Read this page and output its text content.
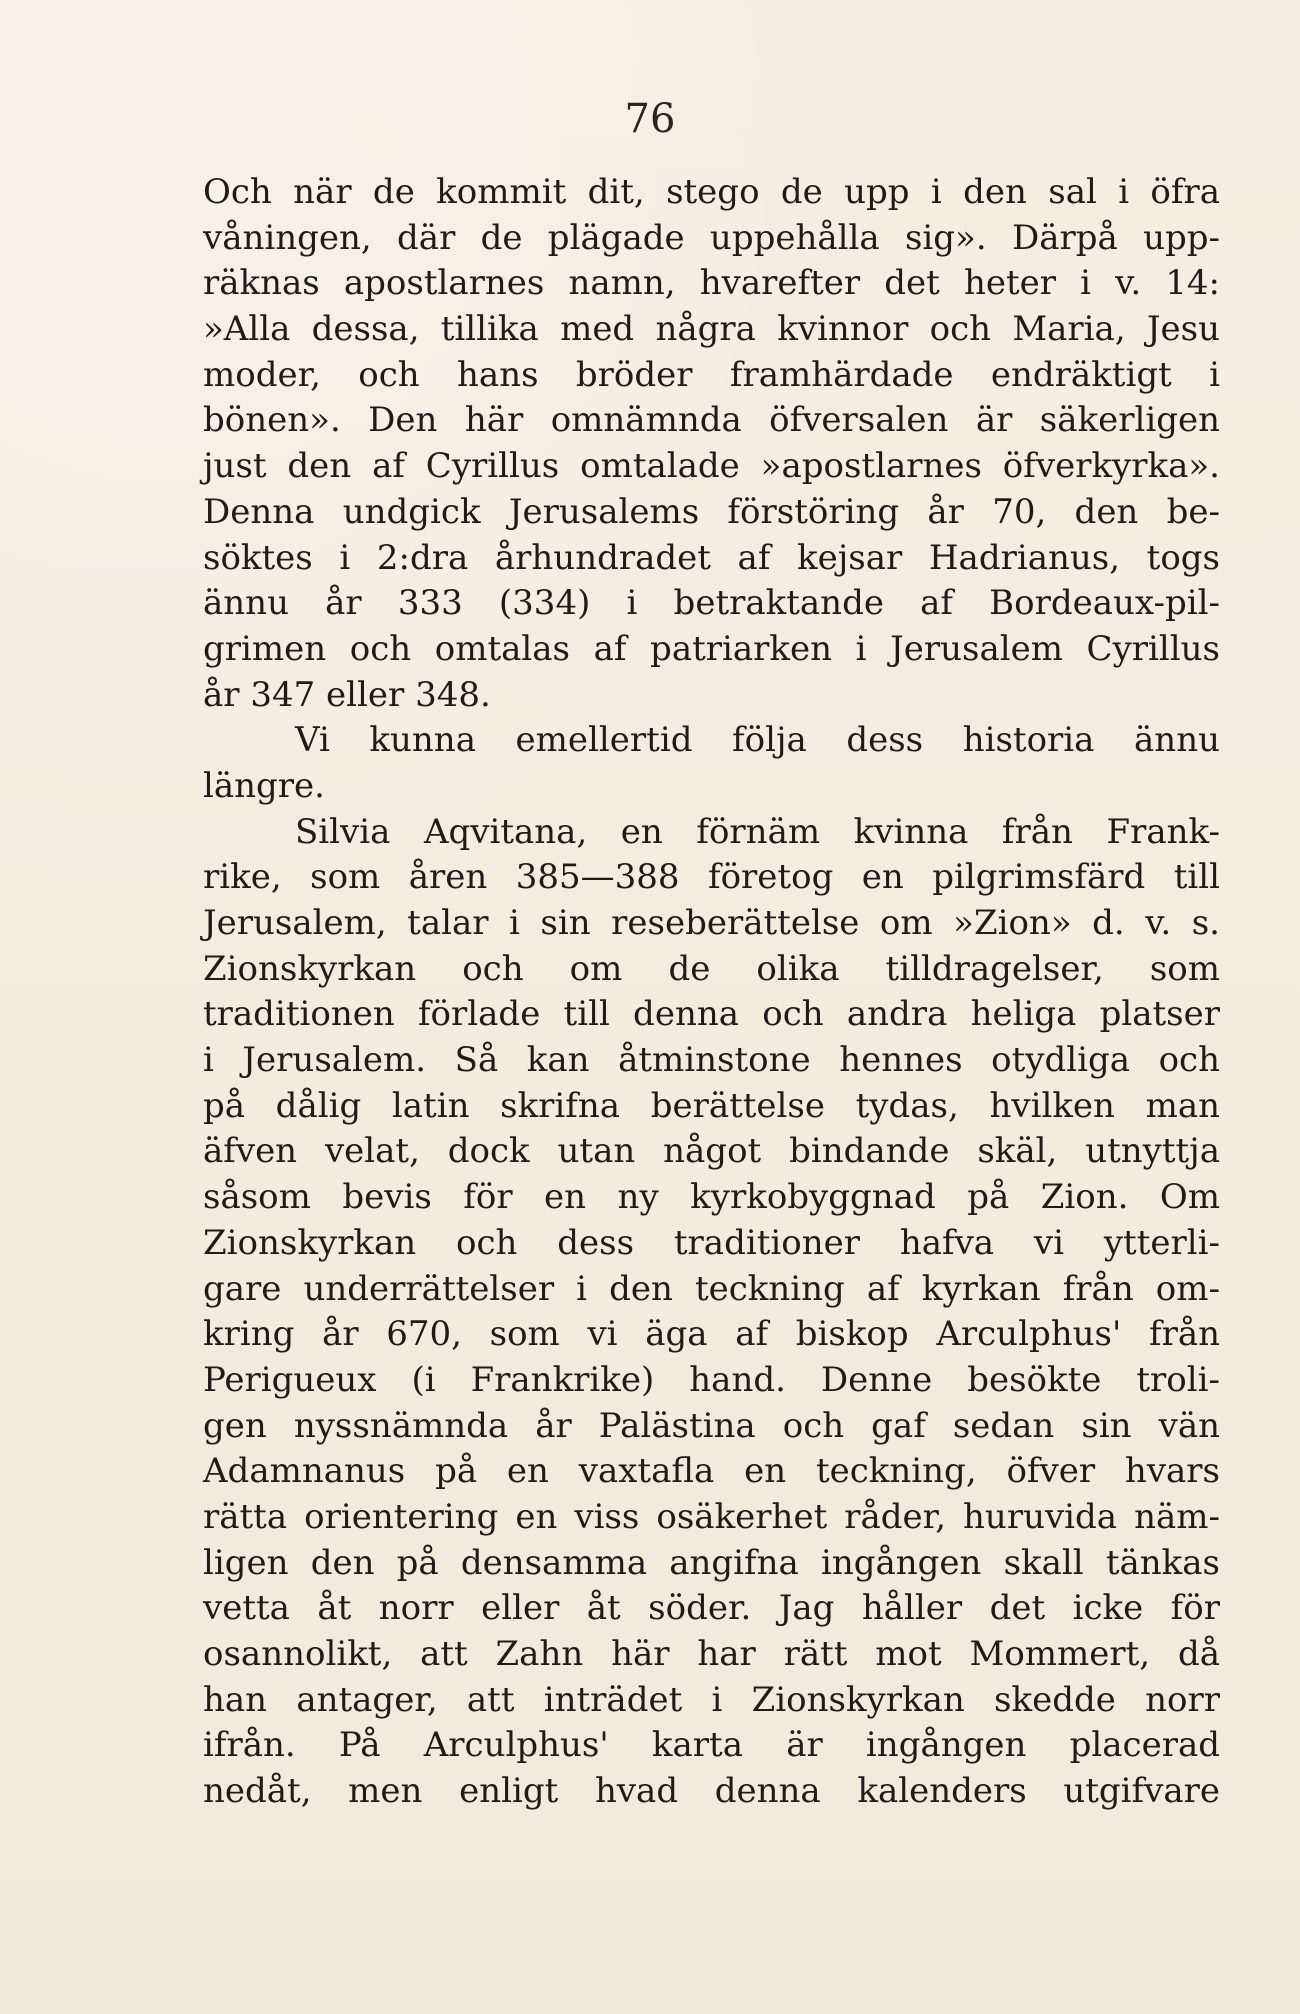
76
Och när de kommit dit, stego de upp i den sal i öfra
våningen, där de plägade uppehålla sig». Därpå upp-
räknas apostlarnes namn, hvarefter det heter i v. 14:
»Alla dessa, tillika med några kvinnor och Maria, Jesu
moder, och hans bröder framhärdade endräktigt i
bönen». Den här omnämnda öfversalen är säkerligen
just den af Cyrillus omtalade »apostlarnes öfverkyrka».
Denna undgick Jerusalems förstöring år 70, den be-
söktes i 2:dra århundradet af kejsar Hadrianus, togs
ännu år 333 (334) i betraktande af Bordeaux-pil-
grimen och omtalas af patriarken i Jerusalem Cyrillus
år 347 eller 348.
Vi kunna emellertid följa dess historia ännu
längre.
Silvia Aqvitana, en förnäm kvinna från Frank-
rike, som åren 385—388 företog en pilgrimsfärd till
Jerusalem, talar i sin reseberättelse om »Zion» d. v. s.
Zionskyrkan och om de olika tilldragelser, som
traditionen förlade till denna och andra heliga platser
i Jerusalem. Så kan åtminstone hennes otydliga och
på dålig latin skrifna berättelse tydas, hvilken man
äfven velat, dock utan något bindande skäl, utnyttja
såsom bevis för en ny kyrkobyggnad på Zion. Om
Zionskyrkan och dess traditioner hafva vi ytterli-
gare underrättelser i den teckning af kyrkan från om-
kring år 670, som vi äga af biskop Arculphus' från
Perigueux (i Frankrike) hand. Denne besökte troli-
gen nyssnämnda år Palästina och gaf sedan sin vän
Adamnanus på en vaxtafla en teckning, öfver hvars
rätta orientering en viss osäkerhet råder, huruvida näm-
ligen den på densamma angifna ingången skall tänkas
vetta åt norr eller åt söder. Jag håller det icke för
osannolikt, att Zahn här har rätt mot Mommert, då
han antager, att inträdet i Zionskyrkan skedde norr
ifrån. På Arculphus' karta är ingången placerad
nedåt, men enligt hvad denna kalenders utgifvare
